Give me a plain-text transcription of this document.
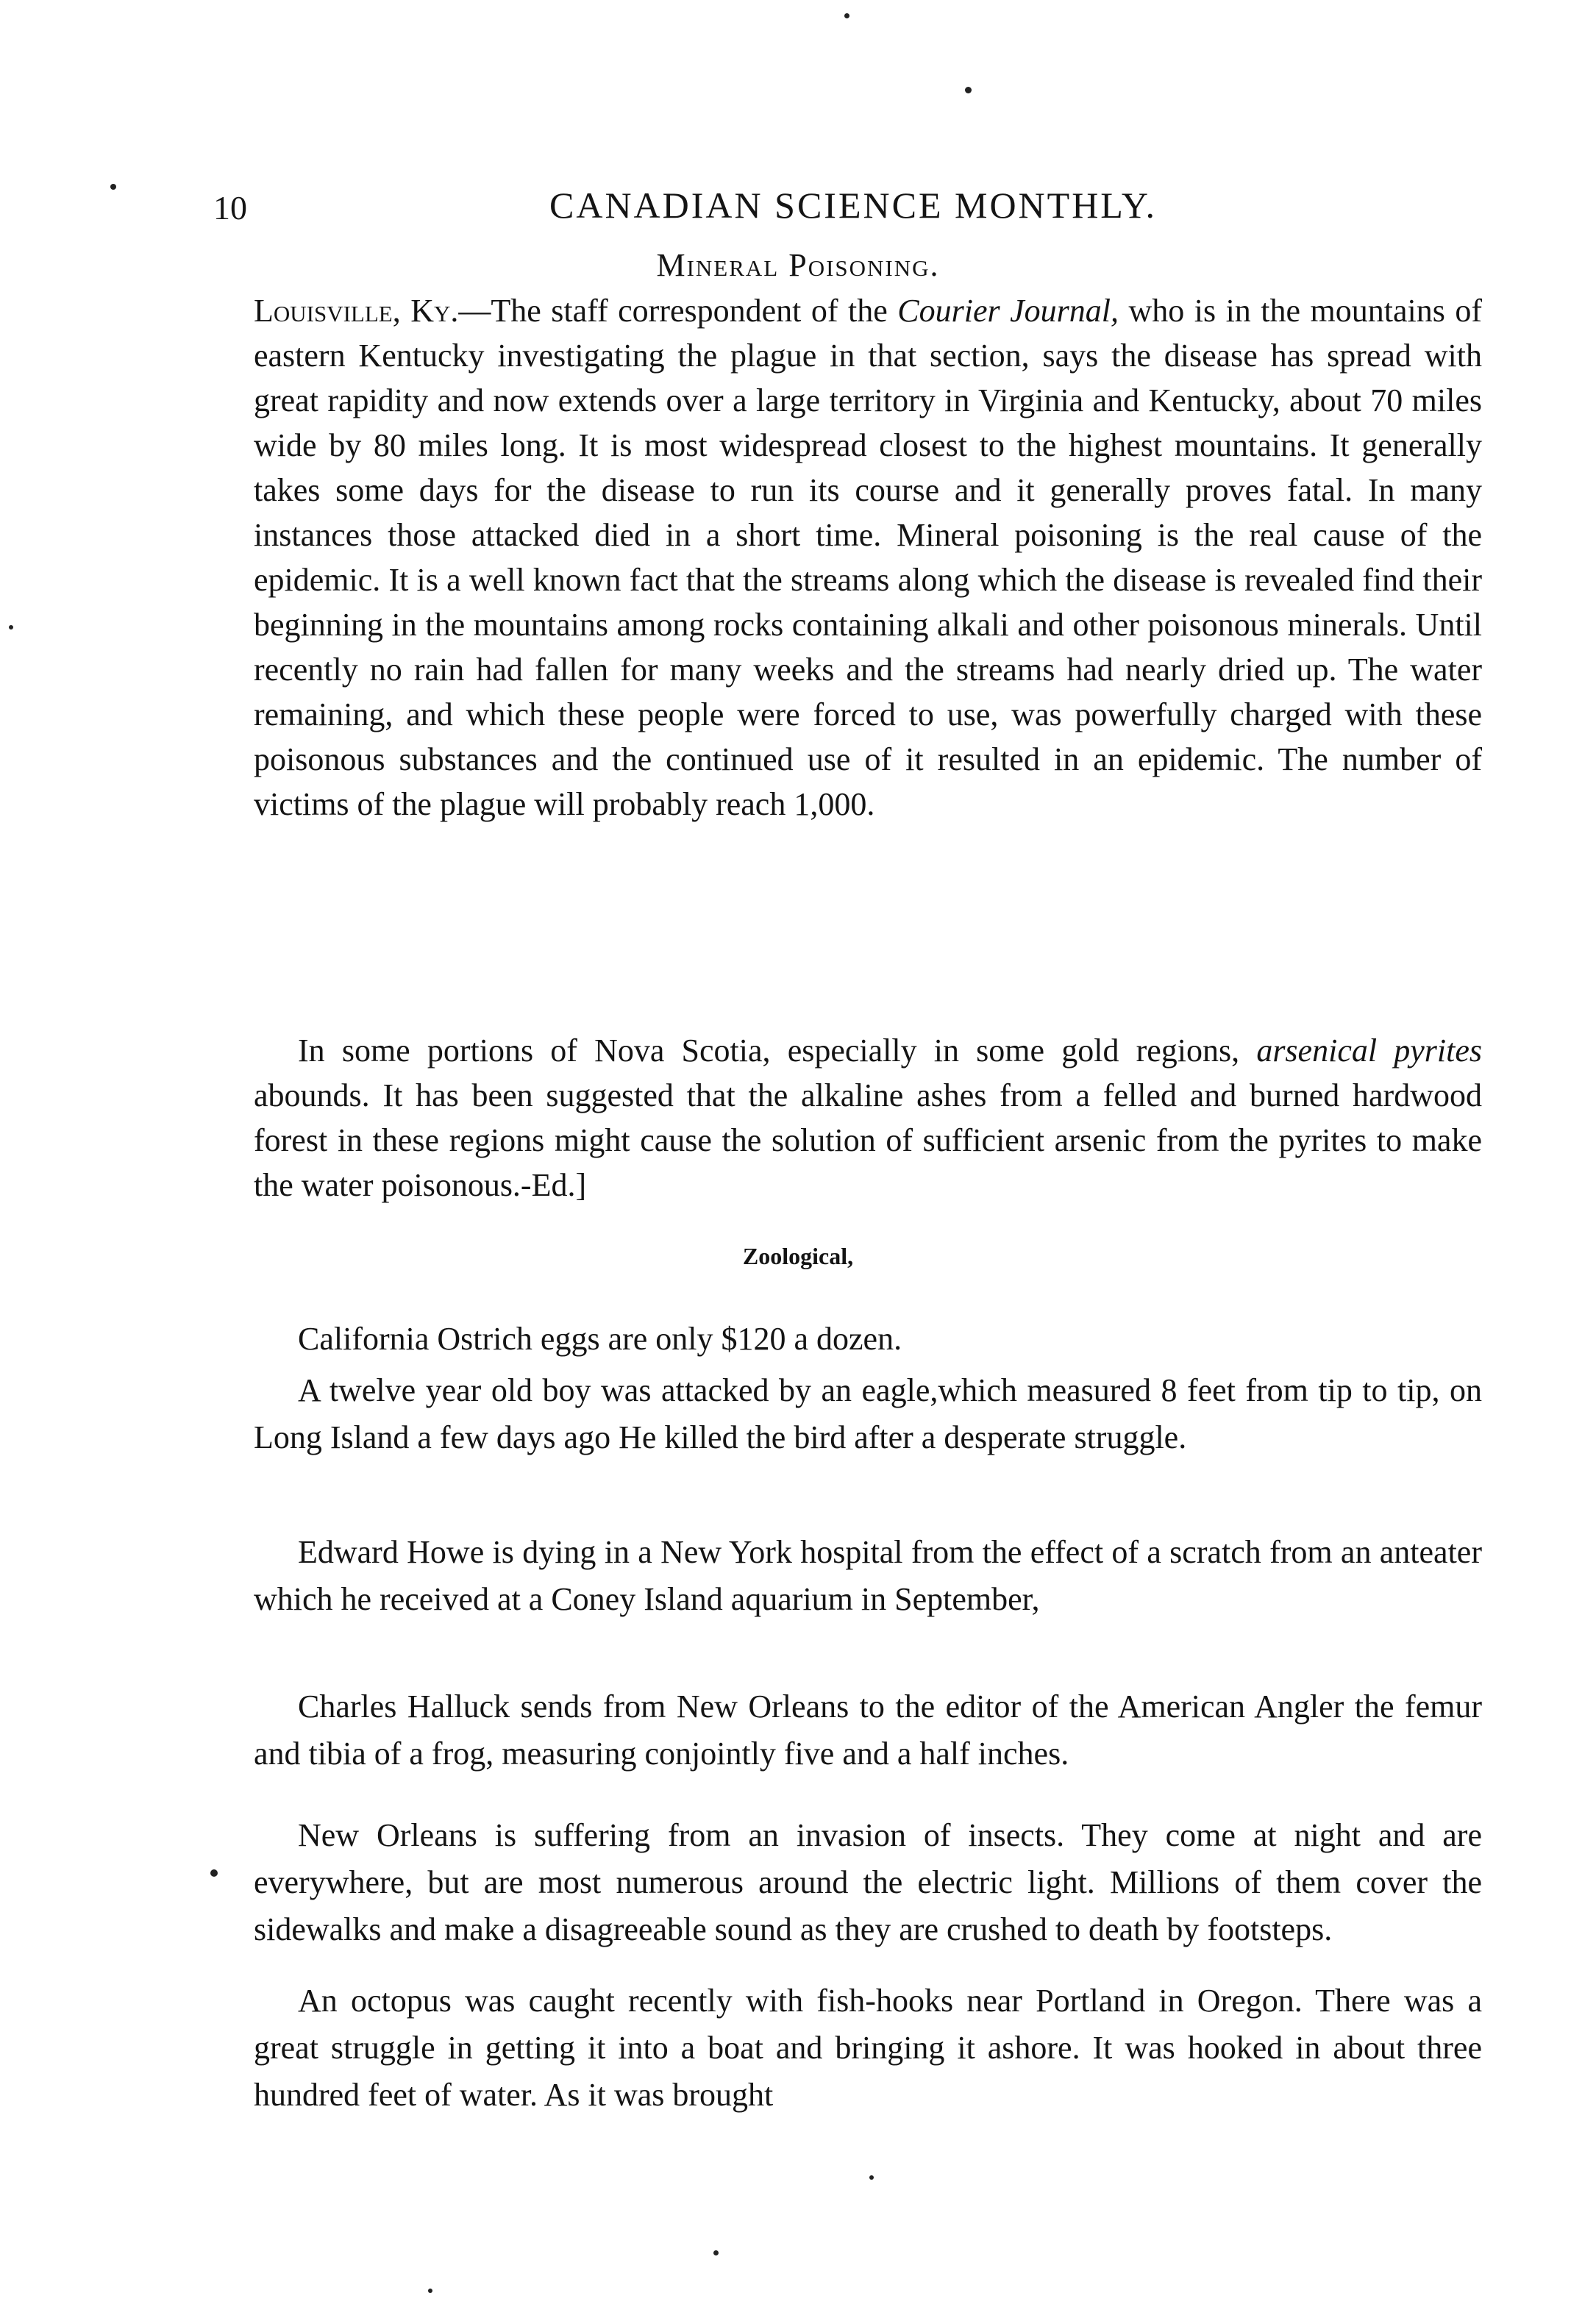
10	CANADIAN SCIENCE MONTHLY.
Mineral Poisoning.

Louisville, Ky.—The staff correspondent of the Courier Journal, who is in the mountains of eastern Kentucky investigating the plague in that section, says the disease has spread with great rapidity and now extends over a large territory in Virginia and Kentucky, about 70 miles wide by 80 miles long. It is most widespread closest to the highest mountains. It generally takes some days for the disease to run its course and it generally proves fatal. In many instances those attacked died in a short time. Mineral poisoning is the real cause of the epidemic. It is a well known fact that the streams along which the disease is revealed find their beginning in the mountains among rocks containing alkali and other poisonous minerals. Until recently no rain had fallen for many weeks and the streams had nearly dried up. The water remaining, and which these people were forced to use, was powerfully charged with these poisonous substances and the continued use of it resulted in an epidemic. The number of victims of the plague will probably reach 1,000.

In some portions of Nova Scotia, especially in some gold regions, arsenical pyrites abounds. It has been suggested that the alkaline ashes from a felled and burned hardwood forest in these regions might cause the solution of sufficient arsenic from the pyrites to make the water poisonous.-Ed.]

Zoological,

California Ostrich eggs are only $120 a dozen.

A twelve year old boy was attacked by an eagle,which measured 8 feet from tip to tip, on Long Island a few days ago He killed the bird after a desperate struggle.

Edward Howe is dying in a New York hospital from the effect of a scratch from an anteater which he received at a Coney Island aquarium in September,

Charles Halluck sends from New Orleans to the editor of the American Angler the femur and tibia of a frog, measuring conjointly five and a half inches.

New Orleans is suffering from an invasion of insects. They come at night and are everywhere, but are most numerous around the electric light. Millions of them cover the sidewalks and make a disagreeable sound as they are crushed to death by footsteps.

An octopus was caught recently with fish-hooks near Portland in Oregon. There was a great struggle in getting it into a boat and bringing it ashore. It was hooked in about three hundred feet of water. As it was brought
